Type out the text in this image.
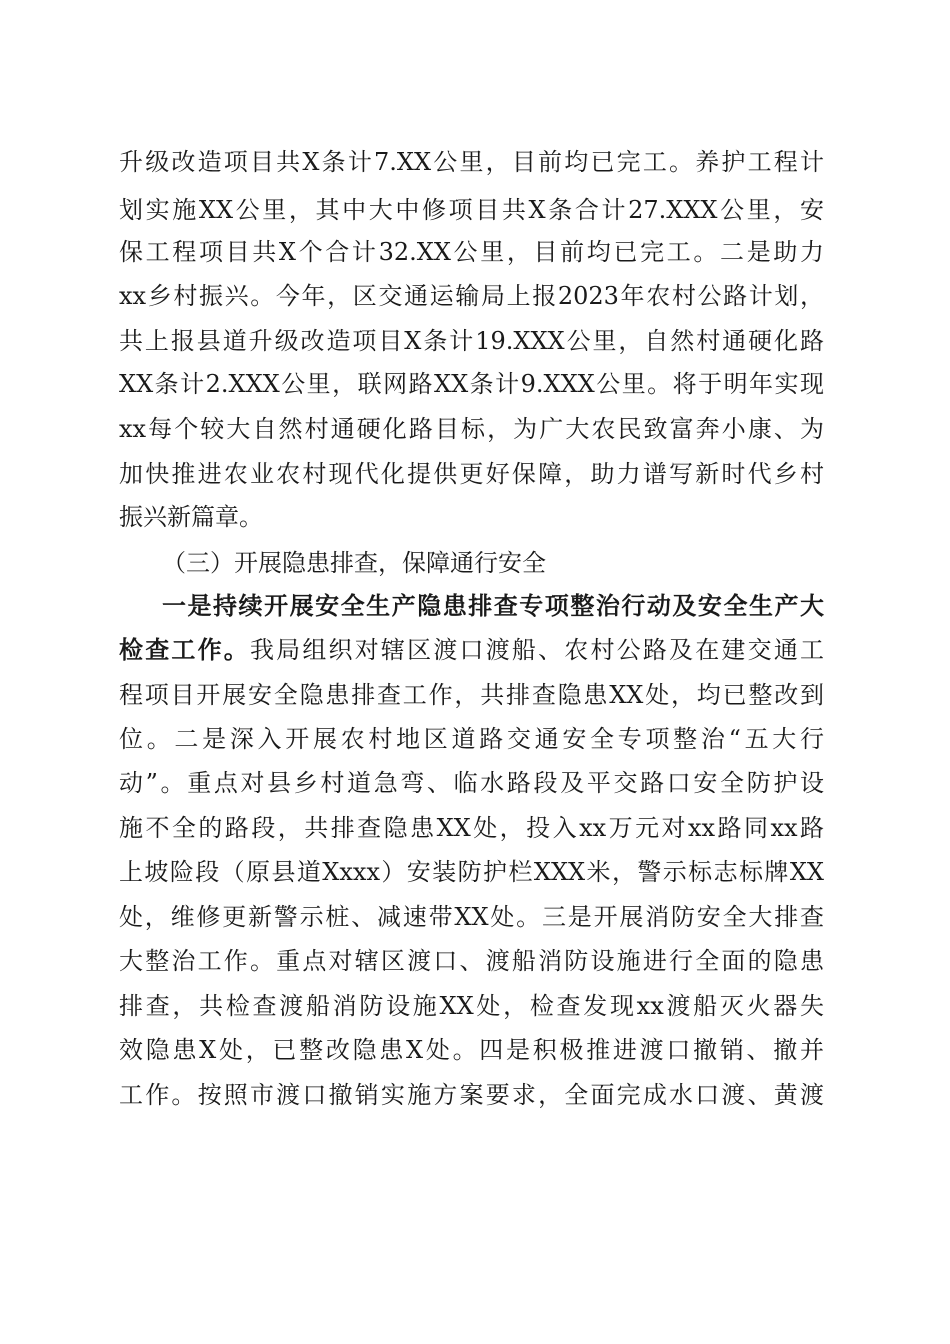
升级改造项目共X条计7.XX公里，目前均已完工。养护工程计
划实施XX公里，其中大中修项目共X条合计27.XXX公里，安
保工程项目共X个合计32.XX公里，目前均已完工。二是助力
xx乡村振兴。今年，区交通运输局上报2023年农村公路计划，
共上报县道升级改造项目X条计19.XXX公里，自然村通硬化路
XX条计2.XXX公里，联网路XX条计9.XXX公里。将于明年实现
xx每个较大自然村通硬化路目标，为广大农民致富奔小康、为
加快推进农业农村现代化提供更好保障，助力谱写新时代乡村
振兴新篇章。
（三）开展隐患排查，保障通行安全
一是持续开展安全生产隐患排查专项整治行动及安全生产大
检查工作。我局组织对辖区渡口渡船、农村公路及在建交通工
程项目开展安全隐患排查工作，共排查隐患XX处，均已整改到
位。二是深入开展农村地区道路交通安全专项整治“五大行
动”。重点对县乡村道急弯、临水路段及平交路口安全防护设
施不全的路段，共排查隐患XX处，投入xx万元对xx路同xx路
上坡险段（原县道Xxxx）安装防护栏XXX米，警示标志标牌XX
处，维修更新警示桩、减速带XX处。三是开展消防安全大排查
大整治工作。重点对辖区渡口、渡船消防设施进行全面的隐患
排查，共检查渡船消防设施XX处，检查发现xx渡船灭火器失
效隐患X处，已整改隐患X处。四是积极推进渡口撤销、撤并
工作。按照市渡口撤销实施方案要求，全面完成水口渡、黄渡
